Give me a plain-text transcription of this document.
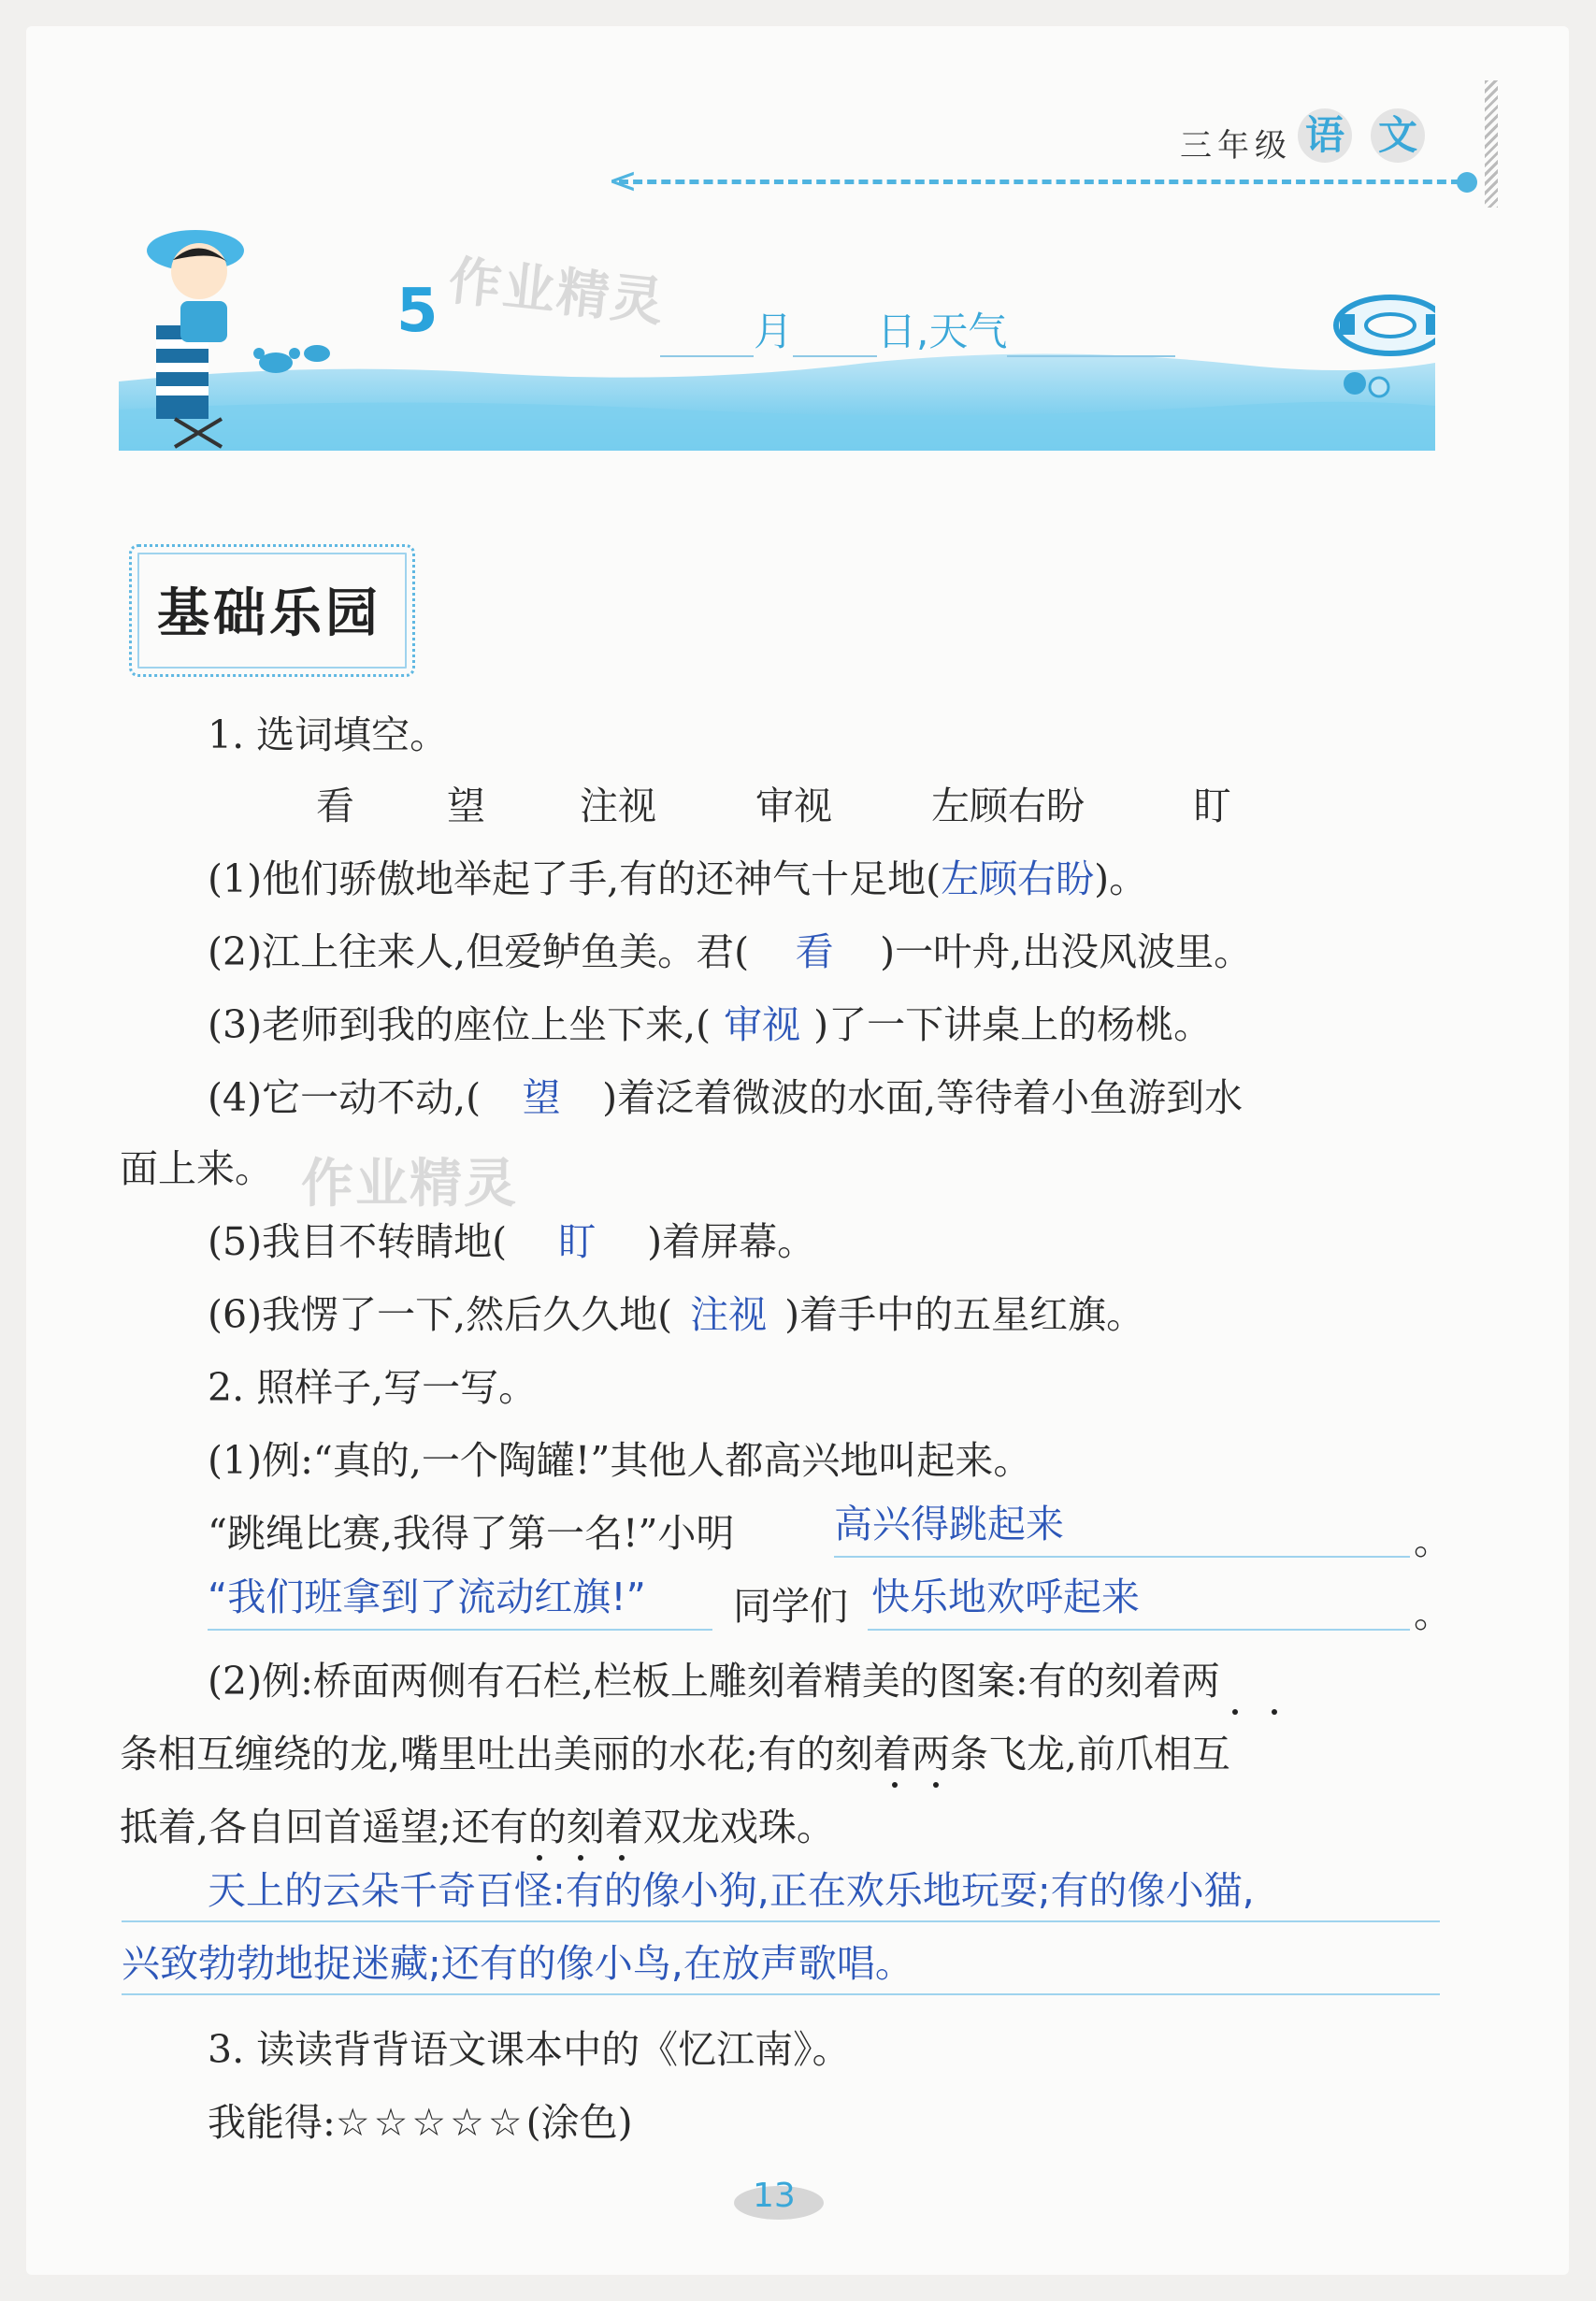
三年级 语 文
<
5 作业精灵	月 日,天气
基础乐园
1. 选词填空。
看 望 注视	审视	左顾右盼	盯
(1)他们骄傲地举起了手,有的还神气十足地(左顾右盼)。
(2)江上往来人,但爱鲈鱼美。君( 看 )一叶舟,出没风波里。
(3)老师到我的座位上坐下来,( 审视 )了一下讲桌上的杨桃。
(4)它一动不动,( 望 )着泛着微波的水面,等待着小鱼游到水
面上来。 作业精灵
(5)我目不转睛地( 盯 )着屏幕。
(6)我愣了一下,然后久久地( 注视 )着手中的五星红旗。
2. 照样子,写一写。
(1)例:“真的,一个陶罐!”其他人都高兴地叫起来。
“跳绳比赛,我得了第一名!”小明	高兴得跳起来	。
“我们班拿到了流动红旗!” 同学们 快乐地欢呼起来	。
(2)例:桥面两侧有石栏,栏板上雕刻着精美的图案:有的刻着两
条相互缠绕的龙,嘴里吐出美丽的水花;有的刻着两条飞龙,前爪相互
抵着,各自回首遥望;还有的刻着双龙戏珠。
天上的云朵千奇百怪:有的像小狗,正在欢乐地玩耍;有的像小猫,
兴致勃勃地捉迷藏;还有的像小鸟,在放声歌唱。
3. 读读背背语文课本中的《忆江南》。
我能得:☆☆☆☆☆(涂色)
13
